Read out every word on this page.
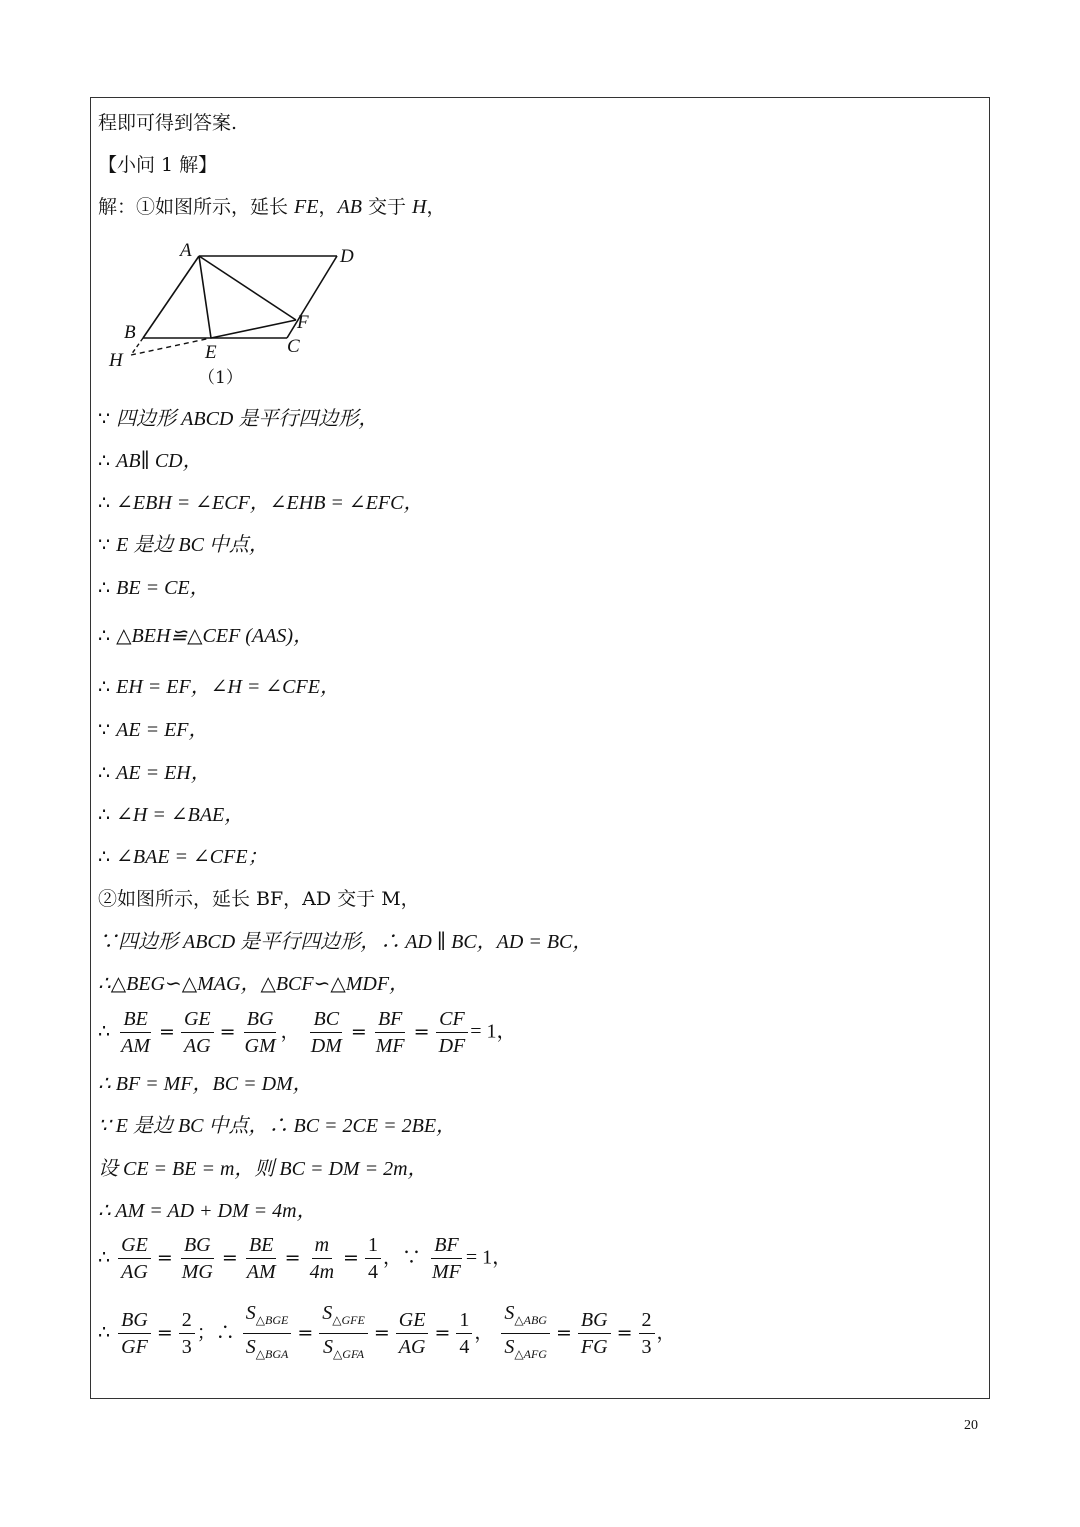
程即可得到答案.
【小问 1 解】
解：①如图所示，延长 FE，AB 交于 H，
A	D
B
C
E
F
H
（1）
∵ 四边形 ABCD 是平行四边形，
∴ AB∥ CD，
∴ ∠EBH = ∠ECF，∠EHB = ∠EFC，
∵ E 是边 BC 中点，
∴ BE = CE，
∴ △BEH≌△CEF (AAS)，
∴ EH = EF，∠H = ∠CFE，
∵ AE = EF，
∴ AE = EH，
∴ ∠H = ∠BAE，
∴ ∠BAE = ∠CFE；
②如图所示，延长 BF，AD 交于 M，
∵四边形 ABCD 是平行四边形，∴ AD ∥ BC，AD = BC，
∴△BEG∽△MAG，△BCF∽△MDF，
∴ $\frac{BE}{AM} = \frac{GE}{AG} = \frac{BG}{GM}$ ， $\frac{BC}{DM} = \frac{BF}{MF} = \frac{CF}{DF} = 1$，
∴ BF = MF，BC = DM，
∵ E 是边 BC 中点，∴ BC = 2CE = 2BE，
设 CE = BE = m，则 BC = DM = 2m，
∴ AM = AD + DM = 4m，
∴ $\frac{GE}{AG} = \frac{BG}{MG} = \frac{BE}{AM} = \frac{m}{4m} = \frac{1}{4}$ ，∵ $\frac{BF}{MF} = 1$，
∴ $\frac{BG}{GF} = \frac{2}{3}$ ；∴ $\frac{S_{\triangle BGE}}{S_{\triangle BGA}} = \frac{S_{\triangle GFE}}{S_{\triangle GFA}} = \frac{GE}{AG} = \frac{1}{4}$ ， $\frac{S_{\triangle ABG}}{S_{\triangle AFG}} = \frac{BG}{FG} = \frac{2}{3}$ ，
20
